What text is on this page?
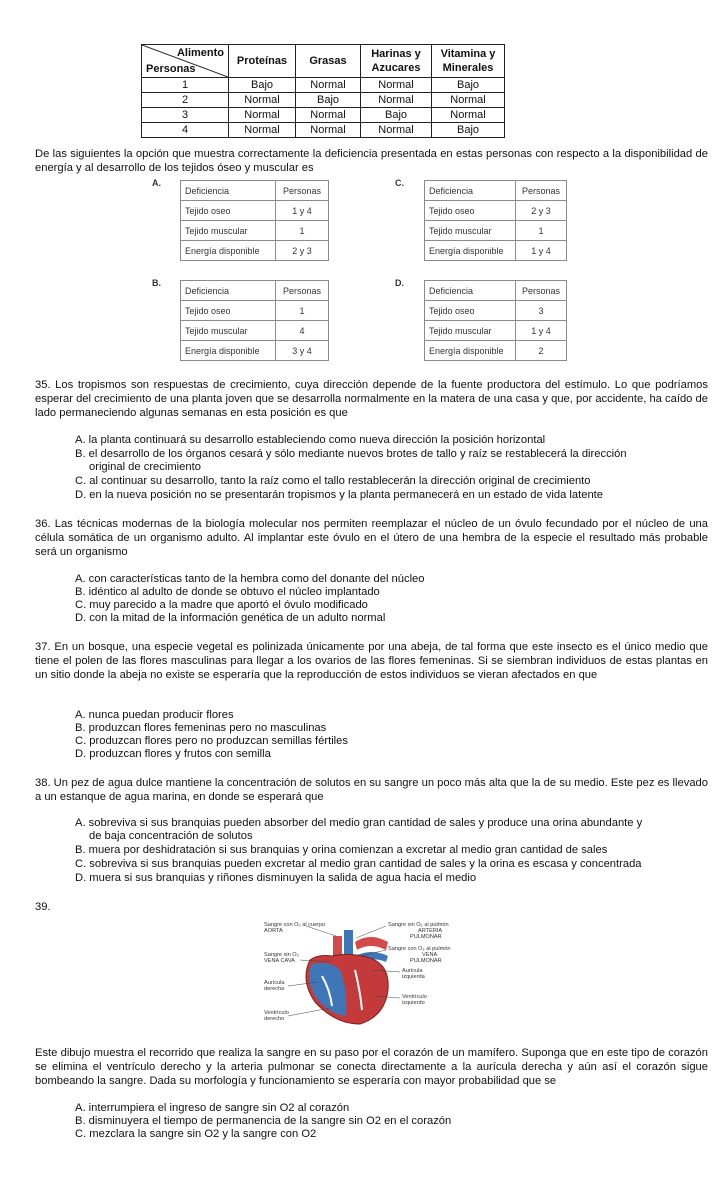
Alimento
Personas	Proteínas	Grasas	Harinas y Azucares	Vitamina y Minerales
1	Bajo	Normal	Normal	Bajo
2	Normal	Bajo	Normal	Normal
3	Normal	Normal	Bajo	Normal
4	Normal	Normal	Normal	Bajo
De las siguientes la opción que muestra correctamente la deficiencia presentada en estas personas con respecto a la disponibilidad de energía y al desarrollo de los tejidos óseo y muscular es
A.
Deficiencia	Personas
Tejido oseo	1 y 4
Tejido muscular	1
Energía disponible	2 y 3
C.
Deficiencia	Personas
Tejido oseo	2 y 3
Tejido muscular	1
Energía disponible	1 y 4
B.
Deficiencia	Personas
Tejido oseo	1
Tejido muscular	4
Energía disponible	3 y 4
D.
Deficiencia	Personas
Tejido oseo	3
Tejido muscular	1 y 4
Energía disponible	2
35. Los tropismos son respuestas de crecimiento, cuya dirección depende de la fuente productora del estímulo. Lo que podríamos esperar del crecimiento de una planta joven que se desarrolla normalmente en la matera de una casa y que, por accidente, ha caído de lado permaneciendo algunas semanas en esta posición es que
A. la planta continuará su desarrollo estableciendo como nueva dirección la posición horizontal
B. el desarrollo de los órganos cesará y sólo mediante nuevos brotes de tallo y raíz se restablecerá la dirección
original de crecimiento
C. al continuar su desarrollo, tanto la raíz como el tallo restablecerán la dirección original de crecimiento
D. en la nueva posición no se presentarán tropismos y la planta permanecerá en un estado de vida latente
36. Las técnicas modernas de la biología molecular nos permiten reemplazar el núcleo de un óvulo fecundado por el núcleo de una célula somática de un organismo adulto. Al implantar este óvulo en el útero de una hembra de la especie el resultado más probable será un organismo
A. con características tanto de la hembra como del donante del núcleo
B. idéntico al adulto de donde se obtuvo el núcleo implantado
C. muy parecido a la madre que aportó el óvulo modificado
D. con la mitad de la información genética de un adulto normal
37. En un bosque, una especie vegetal es polinizada únicamente por una abeja, de tal forma que este insecto es el único medio que tiene el polen de las flores masculinas para llegar a los ovarios de las flores femeninas. Si se siembran individuos de estas plantas en un sitio donde la abeja no existe se esperaría que la reproducción de estos individuos se vieran afectados en que
A. nunca puedan producir flores
B. produzcan flores femeninas pero no masculinas
C. produzcan flores pero no produzcan semillas fértiles
D. produzcan flores y frutos con semilla
38. Un pez de agua dulce mantiene la concentración de solutos en su sangre un poco más alta que la de su medio. Este pez es llevado a un estanque de agua marina, en donde se esperará que
A. sobreviva si sus branquias pueden absorber del medio gran cantidad de sales y produce una orina abundante y
de baja concentración de solutos
B. muera por deshidratación si sus branquias y orina comienzan a excretar al medio gran cantidad de sales
C. sobreviva si sus branquias pueden excretar al medio gran cantidad de sales y la orina es escasa y concentrada
D. muera si sus branquias y riñones disminuyen la salida de agua hacia el medio
39.
Sangre con O₂ al cuerpo
AORTA
Sangre sin O₂
VENA CAVA
Aurícula
derecha
Ventrículo
derecho
Sangre sin O₂ al pulmón
ARTERIA
PULMONAR
Sangre con O₂ al pulmón
VENA
PULMONAR
Aurícula
izquierda
Ventrículo
izquierdo
Este dibujo muestra el recorrido que realiza la sangre en su paso por el corazón de un mamífero. Suponga que en este tipo de corazón se elimina el ventrículo derecho y la arteria pulmonar se conecta directamente a la aurícula derecha y aún así el corazón sigue bombeando la sangre. Dada su morfología y funcionamiento se esperaría con mayor probabilidad que se
A. interrumpiera el ingreso de sangre sin O2 al corazón
B. disminuyera el tiempo de permanencia de la sangre sin O2 en el corazón
C. mezclara la sangre sin O2 y la sangre con O2
